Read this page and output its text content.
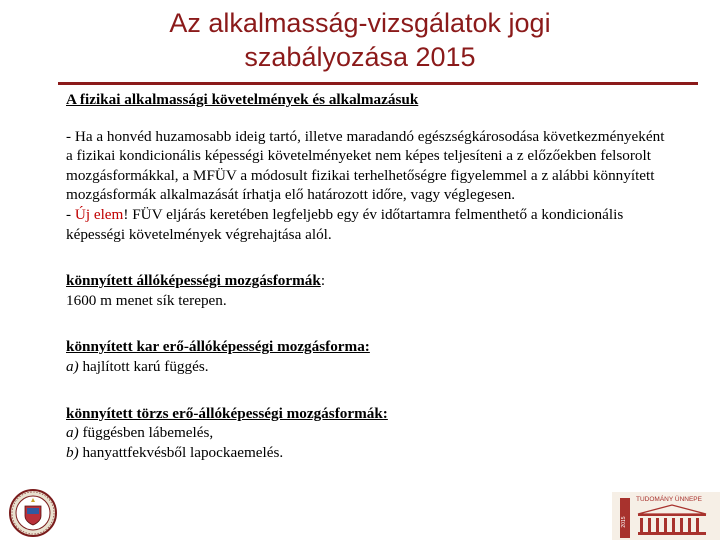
Az alkalmasság-vizsgálatok jogi
szabályozása 2015

A fizikai alkalmassági követelmények és alkalmazásuk

- Ha a honvéd huzamosabb ideig tartó, illetve maradandó egészségkárosodása következményeként a fizikai kondicionális képességi követelményeket nem képes teljesíteni a z előzőekben felsorolt mozgásformákkal, a MFÜV a módosult fizikai terhelhetőségre figyelemmel a z alábbi könnyített mozgásformák alkalmazását írhatja elő határozott időre, vagy véglegesen.

- Új elem! FÜV eljárás keretében legfeljebb egy év időtartamra felmenthető a kondicionális képességi követelmények végrehajtása alól.

könnyített állóképességi mozgásformák:

1600 m menet sík terepen.

könnyített kar erő-állóképességi mozgásforma:

a) hajlított karú függés.

könnyített törzs erő-állóképességi mozgásformák:

a) függésben lábemelés,

b) hanyattfekvésből lapockaemelés.

2015
TUDOMÁNY ÜNNEPE
